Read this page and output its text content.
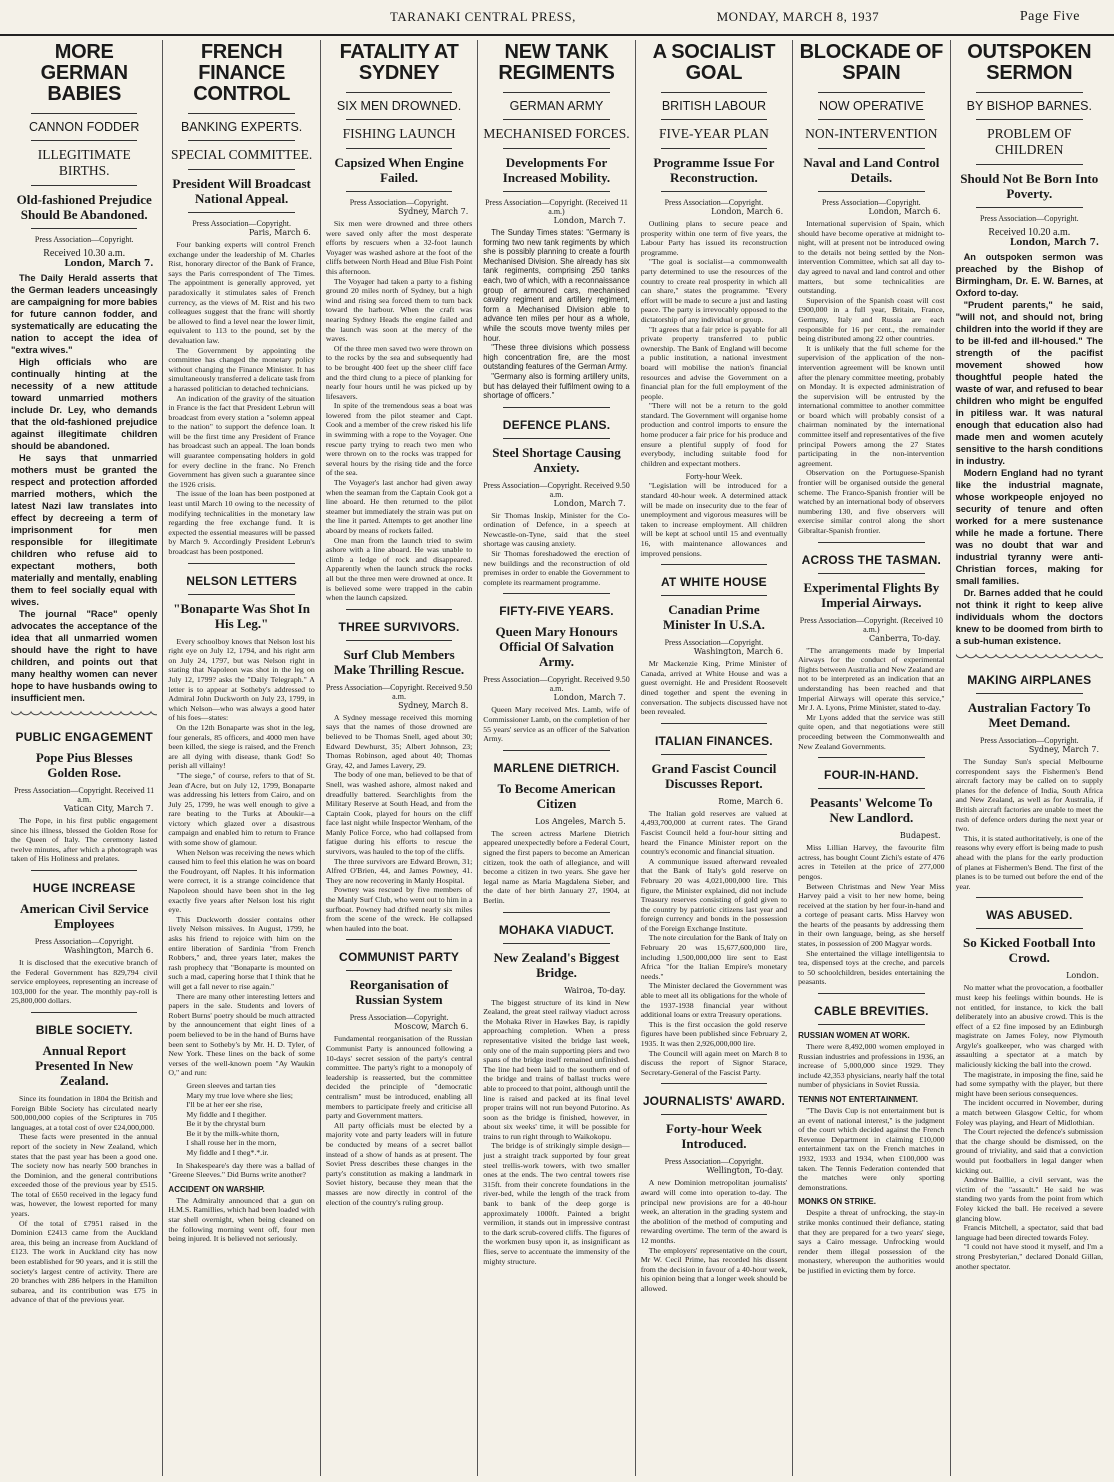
TARANAKI CENTRAL PRESS,	MONDAY, MARCH 8, 1937	Page Five
MORE GERMAN BABIES
CANNON FODDER
ILLEGITIMATE BIRTHS.
Old-fashioned Prejudice Should Be Abandoned.
Press Association—Copyright.
Received 10.30 a.m.
London, March 7.

The Daily Herald asserts that the German leaders unceasingly are campaigning for more babies for future cannon fodder, and systematically are educating the nation to accept the idea of "extra wives."

High officials who are continually hinting at the necessity of a new attitude toward unmarried mothers include Dr. Ley, who demands that the old-fashioned prejudice against illegitimate children should be abandoned.

He says that unmarried mothers must be granted the respect and protection afforded married mothers, which the latest Nazi law translates into effect by decreeing a term of imprisonment for men responsible for illegitimate children who refuse aid to expectant mothers, both materially and mentally, enabling them to feel socially equal with wives.

The journal "Race" openly advocates the acceptance of the idea that all unmarried women should have the right to have children, and points out that many healthy women can never hope to have husbands owing to insufficient men.

PUBLIC ENGAGEMENT
Pope Pius Blesses Golden Rose.
Press Association—Copyright. Received 11 a.m.
Vatican City, March 7.

The Pope, in his first public engagement since his illness, blessed the Golden Rose for the Queen of Italy. The ceremony lasted twelve minutes, after which a photograph was taken of His Holiness and prelates.

HUGE INCREASE
American Civil Service Employees
Press Association—Copyright.
Washington, March 6.

It is disclosed that the executive branch of the Federal Government has 829,794 civil service employees, representing an increase of 103,000 for the year. The monthly pay-roll is 25,800,000 dollars.

BIBLE SOCIETY.
Annual Report Presented In New Zealand.

Since its foundation in 1804 the British and Foreign Bible Society has circulated nearly 500,000,000 copies of the Scriptures in 705 languages, at a total cost of over £24,000,000.

These facts were presented in the annual report of the society in New Zealand, which states that the past year has been a good one. The society now has nearly 500 branches in the Dominion, and the general contributions exceeded those of the previous year by £515. The total of £650 received in the legacy fund was, however, the lowest reported for many years.

Of the total of £7951 raised in the Dominion £2413 came from the Auckland area, this being an increase from Auckland of £123. The work in Auckland city has now been established for 90 years, and it is still the society's largest centre of activity. There are 20 branches with 286 helpers in the Hamilton subarea, and its contribution was £75 in advance of that of the previous year.

FRENCH FINANCE CONTROL
BANKING EXPERTS.
SPECIAL COMMITTEE.
President Will Broadcast National Appeal.
Press Association—Copyright.
Paris, March 6.

Four banking experts will control French exchange under the leadership of M. Charles Rist, honorary director of the Bank of France, says the Paris correspondent of The Times. The appointment is generally approved, yet paradoxically it stimulates sales of French currency, as the views of M. Rist and his two colleagues suggest that the franc will shortly be allowed to find a level near the lower limit, equivalent to 113 to the pound, set by the devaluation law.

The Government by appointing the committee has changed the monetary policy without changing the Finance Minister. It has simultaneously transferred a delicate task from a harassed politician to detached technicians.

An indication of the gravity of the situation in France is the fact that President Lebrun will broadcast from every station a "solemn appeal to the nation" to support the defence loan. It will be the first time any President of France has broadcast such an appeal. The loan bonds will guarantee compensating holders in gold for every decline in the franc. No French Government has given such a guarantee since the 1926 crisis.

The issue of the loan has been postponed at least until March 10 owing to the necessity of modifying technicalities in the monetary law regarding the free exchange fund. It is expected the essential measures will be passed by March 9. Accordingly President Lebrun's broadcast has been postponed.

NELSON LETTERS
"Bonaparte Was Shot In His Leg."

Every schoolboy knows that Nelson lost his right eye on July 12, 1794, and his right arm on July 24, 1797, but was Nelson right in stating that Napoleon was shot in the leg on July 12, 1799? asks the "Daily Telegraph." A letter is to appear at Sotheby's addressed to Admiral John Duckworth on July 23, 1799, in which Nelson—who was always a good hater of his foes—states:

On the 12th Bonaparte was shot in the leg, four generals, 85 officers, and 4000 men have been killed, the siege is raised, and the French are all dying with disease, thank God! So perish all villainy!

"The siege," of course, refers to that of St. Jean d'Acre, but on July 12, 1799, Bonaparte was addressing his letters from Cairo, and on July 25, 1799, he was well enough to give a rare beating to the Turks at Aboukir—a victory which glazed over a disastrous campaign and enabled him to return to France with some show of glamour.

When Nelson was receiving the news which caused him to feel this elation he was on board the Foudroyant, off Naples. It his information were correct, it is a strange coincidence that Napoleon should have been shot in the leg exactly five years after Nelson lost his right eye.

This Duckworth dossier contains other lively Nelson missives. In August, 1799, he asks his friend to rejoice with him on the entire liberation of Sardinia "from French Robbers," and, three years later, makes the rash prophecy that "Bonaparte is mounted on such a mad, capering horse that I think that he will get a fall never to rise again."

There are many other interesting letters and papers in the sale. Students and lovers of Robert Burns' poetry should be much attracted by the announcement that eight lines of a poem believed to be in the hand of Burns have been sent to Sotheby's by Mr. H. D. Tyler, of New York. These lines on the back of some verses of the well-known poem "Ay Waukin O," and run:

Green sleeves and tartan ties
Mary my true love where she lies;
I'll be at her eer she rise,
My fiddle and I thegither.
Be it by the chrystal burn
Be it by the milk-white thorn,
I shall rouse her in the morn,
My fiddle and I theg*.*.ir.

In Shakespeare's day there was a ballad of "Greene Sleeves." Did Burns write another?

ACCIDENT ON WARSHIP.

The Admiralty announced that a gun on H.M.S. Ramillies, which had been loaded with star shell overnight, when being cleaned on the following morning went off, four men being injured. It is believed not seriously.

FATALITY AT SYDNEY
SIX MEN DROWNED.
FISHING LAUNCH
Capsized When Engine Failed.
Press Association—Copyright.
Sydney, March 7.

Six men were drowned and three others were saved only after the most desperate efforts by rescuers when a 32-foot launch Voyager was washed ashore at the foot of the cliffs between North Head and Blue Fish Point this afternoon.

The Voyager had taken a party to a fishing ground 20 miles north of Sydney, but a high wind and rising sea forced them to turn back toward the harbour. When the craft was nearing Sydney Heads the engine failed and the launch was soon at the mercy of the waves.

Of the three men saved two were thrown on to the rocks by the sea and subsequently had to be brought 400 feet up the sheer cliff face and the third clung to a piece of planking for nearly four hours until he was picked up by lifesavers.

In spite of the tremendous seas a boat was lowered from the pilot steamer and Capt. Cook and a member of the crew risked his life in swimming with a rope to the Voyager. One rescue party trying to reach two men who were thrown on to the rocks was trapped for several hours by the rising tide and the force of the sea.

The Voyager's last anchor had given away when the seaman from the Captain Cook got a line aboard. He then returned to the pilot steamer but immediately the strain was put on the line it parted. Attempts to get another line aboard by means of rockets failed.

One man from the launch tried to swim ashore with a line aboard. He was unable to climb a ledge of rock and disappeared. Apparently when the launch struck the rocks all but the three men were drowned at once. It is believed some were trapped in the cabin when the launch capsized.

THREE SURVIVORS.
Surf Club Members Make Thrilling Rescue.
Press Association—Copyright. Received 9.50 a.m.
Sydney, March 8.

A Sydney message received this morning says that the names of those drowned are believed to be Thomas Snell, aged about 30; Edward Dewhurst, 35; Albert Johnson, 23; Thomas Robinson, aged about 40; Thomas Gray, 42, and James Lavery, 29.

The body of one man, believed to be that of Snell, was washed ashore, almost naked and dreadfully battered. Searchlights from the Military Reserve at South Head, and from the Captain Cook, played for hours on the cliff face last night while Inspector Wenham, of the Manly Police Force, who had collapsed from fatigue during his efforts to rescue the survivors, was hauled to the top of the cliffs.

The three survivors are Edward Brown, 31; Alfred O'Brien, 44, and James Powney, 41. They are now recovering in Manly Hospital.

Powney was rescued by five members of the Manly Surf Club, who went out to him in a surfboat. Powney had drifted nearly six miles from the scene of the wreck. He collapsed when hauled into the boat.

COMMUNIST PARTY
Reorganisation of Russian System
Press Association—Copyright.
Moscow, March 6.

Fundamental reorganisation of the Russian Communist Party is announced following a 10-days' secret session of the party's central committee. The party's right to a monopoly of leadership is reasserted, but the committee decided the principle of "democratic centralism" must be introduced, enabling all members to participate freely and criticise all party and Government matters.

All party officials must be elected by a majority vote and party leaders will in future be conducted by means of a secret ballot instead of a show of hands as at present. The Soviet Press describes these changes in the party's constitution as making a landmark in Soviet history, because they mean that the masses are now directly in control of the election of the country's ruling group.

NEW TANK REGIMENTS
GERMAN ARMY
MECHANISED FORCES.
Developments For Increased Mobility.
Press Association—Copyright. (Received 11 a.m.)
London, March 7.

The Sunday Times states: "Germany is forming two new tank regiments by which she is possibly planning to create a fourth Mechanised Division. She already has six tank regiments, comprising 250 tanks each, two of which, with a reconnaissance group of armoured cars, mechanised cavalry regiment and artillery regiment, form a Mechanised Division able to advance ten miles per hour as a whole, while the scouts move twenty miles per hour.

"These three divisions which possess high concentration fire, are the most outstanding features of the German Army.

"Germany also is forming artillery units, but has delayed their fulfilment owing to a shortage of officers."

DEFENCE PLANS.
Steel Shortage Causing Anxiety.
Press Association—Copyright. Received 9.50 a.m.
London, March 7.

Sir Thomas Inskip, Minister for the Co-ordination of Defence, in a speech at Newcastle-on-Tyne, said that the steel shortage was causing anxiety.

Sir Thomas foreshadowed the erection of new buildings and the reconstruction of old premises in order to enable the Government to complete its rearmament programme.

FIFTY-FIVE YEARS.
Queen Mary Honours Official Of Salvation Army.
Press Association—Copyright. Received 9.50 a.m.
London, March 7.

Queen Mary received Mrs. Lamb, wife of Commissioner Lamb, on the completion of her 55 years' service as an officer of the Salvation Army.

MARLENE DIETRICH.
To Become American Citizen
Los Angeles, March 5.

The screen actress Marlene Dietrich appeared unexpectedly before a Federal Court, signed the first papers to become an American citizen, took the oath of allegiance, and will become a citizen in two years. She gave her legal name as Maria Magdalena Sieber, and the date of her birth January 27, 1904, at Berlin.

MOHAKA VIADUCT.
New Zealand's Biggest Bridge.
Wairoa, To-day.

The biggest structure of its kind in New Zealand, the great steel railway viaduct across the Mohaka River in Hawkes Bay, is rapidly approaching completion. When a press representative visited the bridge last week, only one of the main supporting piers and two spans of the bridge itself remained unfinished. The line had been laid to the southern end of the bridge and trains of ballast trucks were able to proceed to that point, although until the line is raised and packed at its final level proper trains will not run beyond Putorino. As soon as the bridge is finished, however, in about six weeks' time, it will be possible for trains to run right through to Waikokopu.

The bridge is of strikingly simple design—just a straight track supported by four great steel trellis-work towers, with two smaller ones at the ends. The two central towers rise 315ft. from their concrete foundations in the river-bed, while the length of the track from bank to bank of the deep gorge is approximately 1000ft. Painted a bright vermilion, it stands out in impressive contrast to the dark scrub-covered cliffs. The figures of the workmen busy upon it, as insignificant as flies, serve to accentuate the immensity of the mighty structure.

A SOCIALIST GOAL
BRITISH LABOUR
FIVE-YEAR PLAN
Programme Issue For Reconstruction.
Press Association—Copyright.
London, March 6.

Outlining plans to secure peace and prosperity within one term of five years, the Labour Party has issued its reconstruction programme.

"The goal is socialist—a commonwealth party determined to use the resources of the country to create real prosperity in which all can share," states the programme. "Every effort will be made to secure a just and lasting peace. The party is irrevocably opposed to the dictatorship of any individual or group.

"It agrees that a fair price is payable for all private property transferred to public ownership. The Bank of England will become a public institution, a national investment board will mobilise the nation's financial resources and advise the Government on a financial plan for the full employment of the people.

"There will not be a return to the gold standard. The Government will organise home production and control imports to ensure the home producer a fair price for his produce and ensure a plentiful supply of food for everybody, including suitable food for children and expectant mothers.

Forty-hour Week.

"Legislation will be introduced for a standard 40-hour week. A determined attack will be made on insecurity due to the fear of unemployment and vigorous measures will be taken to increase employment. All children will be kept at school until 15 and eventually 16, with maintenance allowances and improved pensions.

AT WHITE HOUSE
Canadian Prime Minister In U.S.A.
Press Association—Copyright.
Washington, March 6.

Mr Mackenzie King, Prime Minister of Canada, arrived at White House and was a guest overnight. He and President Roosevelt dined together and spent the evening in conversation. The subjects discussed have not been revealed.

ITALIAN FINANCES.
Grand Fascist Council Discusses Report.
Rome, March 6.

The Italian gold reserves are valued at 4,493,700,000 at current rates. The Grand Fascist Council held a four-hour sitting and heard the Finance Minister report on the country's economic and financial situation.

A communique issued afterward revealed that the Bank of Italy's gold reserve on February 20 was 4,021,000,000 lire. This figure, the Minister explained, did not include Treasury reserves consisting of gold given to the country by patriotic citizens last year and foreign currency and bonds in the possession of the Foreign Exchange Institute.

The note circulation for the Bank of Italy on February 20 was 15,677,600,000 lire, including 1,500,000,000 lire sent to East Africa "for the Italian Empire's monetary needs."

The Minister declared the Government was able to meet all its obligations for the whole of the 1937-1938 financial year without additional loans or extra Treasury operations.

This is the first occasion the gold reserve figures have been published since February 2, 1935. It was then 2,926,000,000 lire.

The Council will again meet on March 8 to discuss the report of Signor Starace, Secretary-General of the Fascist Party.

JOURNALISTS' AWARD.
Forty-hour Week Introduced.
Press Association—Copyright.
Wellington, To-day.

A new Dominion metropolitan journalists' award will come into operation to-day. The principal new provisions are for a 40-hour week, an alteration in the grading system and the abolition of the method of computing and rewarding overtime. The term of the award is 12 months.

The employers' representative on the court, Mr W. Cecil Prime, has recorded his dissent from the decision in favour of a 40-hour week, his opinion being that a longer week should be allowed.

BLOCKADE OF SPAIN
NOW OPERATIVE
NON-INTERVENTION
Naval and Land Control Details.
Press Association—Copyright.
London, March 6.

International supervision of Spain, which should have become operative at midnight to-night, will at present not be introduced owing to the details not being settled by the Non-intervention Committee, which sat all day to-day agreed to naval and land control and other matters, but some technicalities are outstanding.

Supervision of the Spanish coast will cost £900,000 in a full year, Britain, France, Germany, Italy and Russia are each responsible for 16 per cent., the remainder being distributed among 22 other countries.

It is unlikely that the full scheme for the supervision of the application of the non-intervention agreement will be known until after the plenary committee meeting, probably on Monday. It is expected administration of the supervision will be entrusted by the international committee to another committee or board which will probably consist of a chairman nominated by the international committee itself and representatives of the five principal Powers among the 27 States participating in the non-intervention agreement.

Observation on the Portuguese-Spanish frontier will be organised outside the general scheme. The Franco-Spanish frontier will be watched by an international body of observers numbering 130, and five observers will exercise similar control along the short Gibraltar-Spanish frontier.

ACROSS THE TASMAN.
Experimental Flights By Imperial Airways.
Press Association—Copyright. (Received 10 a.m.)
Canberra, To-day.

"The arrangements made by Imperial Airways for the conduct of experimental flights between Australia and New Zealand are not to be interpreted as an indication that an understanding has been reached and that Imperial Airways will operate this service," Mr J. A. Lyons, Prime Minister, stated to-day.

Mr Lyons added that the service was still quite open, and that negotiations were still proceeding between the Commonwealth and New Zealand Governments.

FOUR-IN-HAND.
Peasants' Welcome To New Landlord.
Budapest.

Miss Lillian Harvey, the favourite film actress, has bought Count Zichi's estate of 476 acres in Teteilen at the price of 277,000 pengos.

Between Christmas and New Year Miss Harvey paid a visit to her new home, being received at the station by her four-in-hand and a cortege of peasant carts. Miss Harvey won the hearts of the peasants by addressing them in their own language, being, as she herself states, in possession of 200 Magyar words.

She entertained the village intelligentsia to tea, dispensed toys at the creche, and parcels to 50 schoolchildren, besides entertaining the peasants.

CABLE BREVITIES.
RUSSIAN WOMEN AT WORK.

There were 8,492,000 women employed in Russian industries and professions in 1936, an increase of 5,000,000 since 1929. They include 42,353 physicians, nearly half the total number of physicians in Soviet Russia.

TENNIS NOT ENTERTAINMENT.

"The Davis Cup is not entertainment but is an event of national interest," is the judgment of the court which decided against the French Revenue Department in claiming £10,000 entertainment tax on the French matches in 1932, 1933 and 1934, when £100,000 was taken. The Tennis Federation contended that the matches were only sporting demonstrations.

MONKS ON STRIKE.

Despite a threat of unfrocking, the stay-in strike monks continued their defiance, stating that they are prepared for a two years' siege, says a Cairo message. Unfrocking would render them illegal possession of the monastery, whereupon the authorities would be justified in evicting them by force.

OUTSPOKEN SERMON
BY BISHOP BARNES.
PROBLEM OF CHILDREN
Should Not Be Born Into Poverty.
Press Association—Copyright.
Received 10.20 a.m.
London, March 7.

An outspoken sermon was preached by the Bishop of Birmingham, Dr. E. W. Barnes, at Oxford to-day.

"Prudent parents," he said, "will not, and should not, bring children into the world if they are to be ill-fed and ill-housed." The strength of the pacifist movement showed how thoughtful people hated the waste of war, and refused to bear children who might be engulfed in pitiless war. It was natural enough that education also had made men and women acutely sensitive to the harsh conditions in industry.

Modern England had no tyrant like the industrial magnate, whose workpeople enjoyed no security of tenure and often worked for a mere sustenance while he made a fortune. There was no doubt that war and industrial tyranny were anti-Christian forces, making for small families.

Dr. Barnes added that he could not think it right to keep alive individuals whom the doctors knew to be doomed from birth to a sub-human existence.

MAKING AIRPLANES
Australian Factory To Meet Demand.
Press Association—Copyright.
Sydney, March 7.

The Sunday Sun's special Melbourne correspondent says the Fishermen's Bend aircraft factory may be called on to supply planes for the defence of India, South Africa and New Zealand, as well as for Australia, if British aircraft factories are unable to meet the rush of defence orders during the next year or two.

This, it is stated authoritatively, is one of the reasons why every effort is being made to push ahead with the plans for the early production of planes at Fishermen's Bend. The first of the planes is to be turned out before the end of the year.

WAS ABUSED.
So Kicked Football Into Crowd.
London.

No matter what the provocation, a footballer must keep his feelings within bounds. He is not entitled, for instance, to kick the ball deliberately into an abusive crowd. This is the effect of a £2 fine imposed by an Edinburgh magistrate on James Foley, now Plymouth Argyle's goalkeeper, who was charged with assaulting a spectator at a match by maliciously kicking the ball into the crowd.

The magistrate, in imposing the fine, said he had some sympathy with the player, but there might have been serious consequences.

The incident occurred in November, during a match between Glasgow Celtic, for whom Foley was playing, and Heart of Midlothian.

The Court rejected the defence's submission that the charge should be dismissed, on the ground of triviality, and said that a conviction would put footballers in legal danger when kicking out.

Andrew Baillie, a civil servant, was the victim of the "assault." He said he was standing two yards from the point from which Foley kicked the ball. He received a severe glancing blow.

Francis Mitchell, a spectator, said that bad language had been directed towards Foley.

"I could not have stood it myself, and I'm a strong Presbyterian," declared Donald Gillan, another spectator.
